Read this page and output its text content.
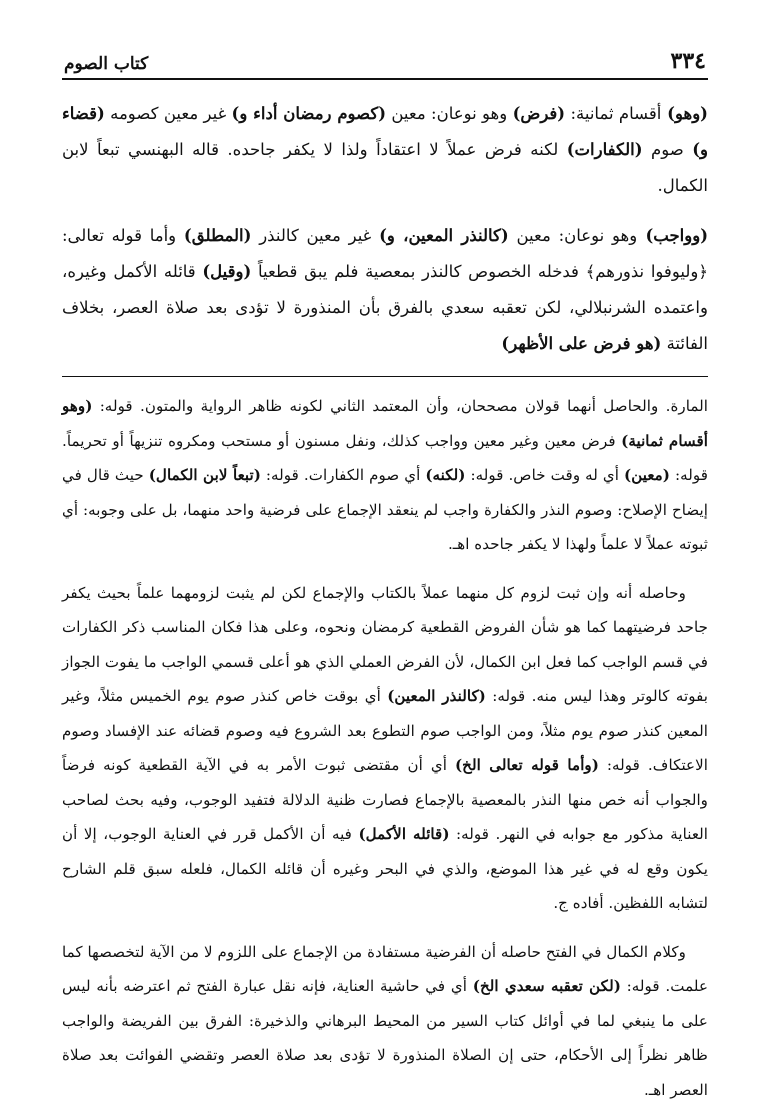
٣٣٤
كتاب الصوم

(وهو) أقسام ثمانية: (فرض) وهو نوعان: معين (كصوم رمضان أداء و) غير معين كصومه (قضاء و) صوم (الكفارات) لكنه فرض عملاً لا اعتقاداً ولذا لا يكفر جاحده. قاله البهنسي تبعاً لابن الكمال.

(وواجب) وهو نوعان: معين (كالنذر المعين، و) غير معين كالنذر (المطلق) وأما قوله تعالى: ﴿وليوفوا نذورهم﴾ فدخله الخصوص كالنذر بمعصية فلم يبق قطعياً (وقيل) قائله الأكمل وغيره، واعتمده الشرنبلالي، لكن تعقبه سعدي بالفرق بأن المنذورة لا تؤدى بعد صلاة العصر، بخلاف الفائتة (هو فرض على الأظهر)

المارة. والحاصل أنهما قولان مصححان، وأن المعتمد الثاني لكونه ظاهر الرواية والمتون. قوله: (وهو أقسام ثمانية) فرض معين وغير معين وواجب كذلك، ونفل مسنون أو مستحب ومكروه تنزيهاً أو تحريماً. قوله: (معين) أي له وقت خاص. قوله: (لكنه) أي صوم الكفارات. قوله: (تبعاً لابن الكمال) حيث قال في إيضاح الإصلاح: وصوم النذر والكفارة واجب لم ينعقد الإجماع على فرضية واحد منهما، بل على وجوبه: أي ثبوته عملاً لا علماً ولهذا لا يكفر جاحده اهـ.

وحاصله أنه وإن ثبت لزوم كل منهما عملاً بالكتاب والإجماع لكن لم يثبت لزومهما علماً بحيث يكفر جاحد فرضيتهما كما هو شأن الفروض القطعية كرمضان ونحوه، وعلى هذا فكان المناسب ذكر الكفارات في قسم الواجب كما فعل ابن الكمال، لأن الفرض العملي الذي هو أعلى قسمي الواجب ما يفوت الجواز بفوته كالوتر وهذا ليس منه. قوله: (كالنذر المعين) أي بوقت خاص كنذر صوم يوم الخميس مثلاً، وغير المعين كنذر صوم يوم مثلاً، ومن الواجب صوم التطوع بعد الشروع فيه وصوم قضائه عند الإفساد وصوم الاعتكاف. قوله: (وأما قوله تعالى الخ) أي أن مقتضى ثبوت الأمر به في الآية القطعية كونه فرضاً والجواب أنه خص منها النذر بالمعصية بالإجماع فصارت ظنية الدلالة فتفيد الوجوب، وفيه بحث لصاحب العناية مذكور مع جوابه في النهر. قوله: (قائله الأكمل) فيه أن الأكمل قرر في العناية الوجوب، إلا أن يكون وقع له في غير هذا الموضع، والذي في البحر وغيره أن قائله الكمال، فلعله سبق قلم الشارح لتشابه اللفظين. أفاده ج.

وكلام الكمال في الفتح حاصله أن الفرضية مستفادة من الإجماع على اللزوم لا من الآية لتخصصها كما علمت. قوله: (لكن تعقبه سعدي الخ) أي في حاشية العناية، فإنه نقل عبارة الفتح ثم اعترضه بأنه ليس على ما ينبغي لما في أوائل كتاب السير من المحيط البرهاني والذخيرة: الفرق بين الفريضة والواجب ظاهر نظراً إلى الأحكام، حتى إن الصلاة المنذورة لا تؤدى بعد صلاة العصر وتقضي الفوائت بعد صلاة العصر اهـ.
